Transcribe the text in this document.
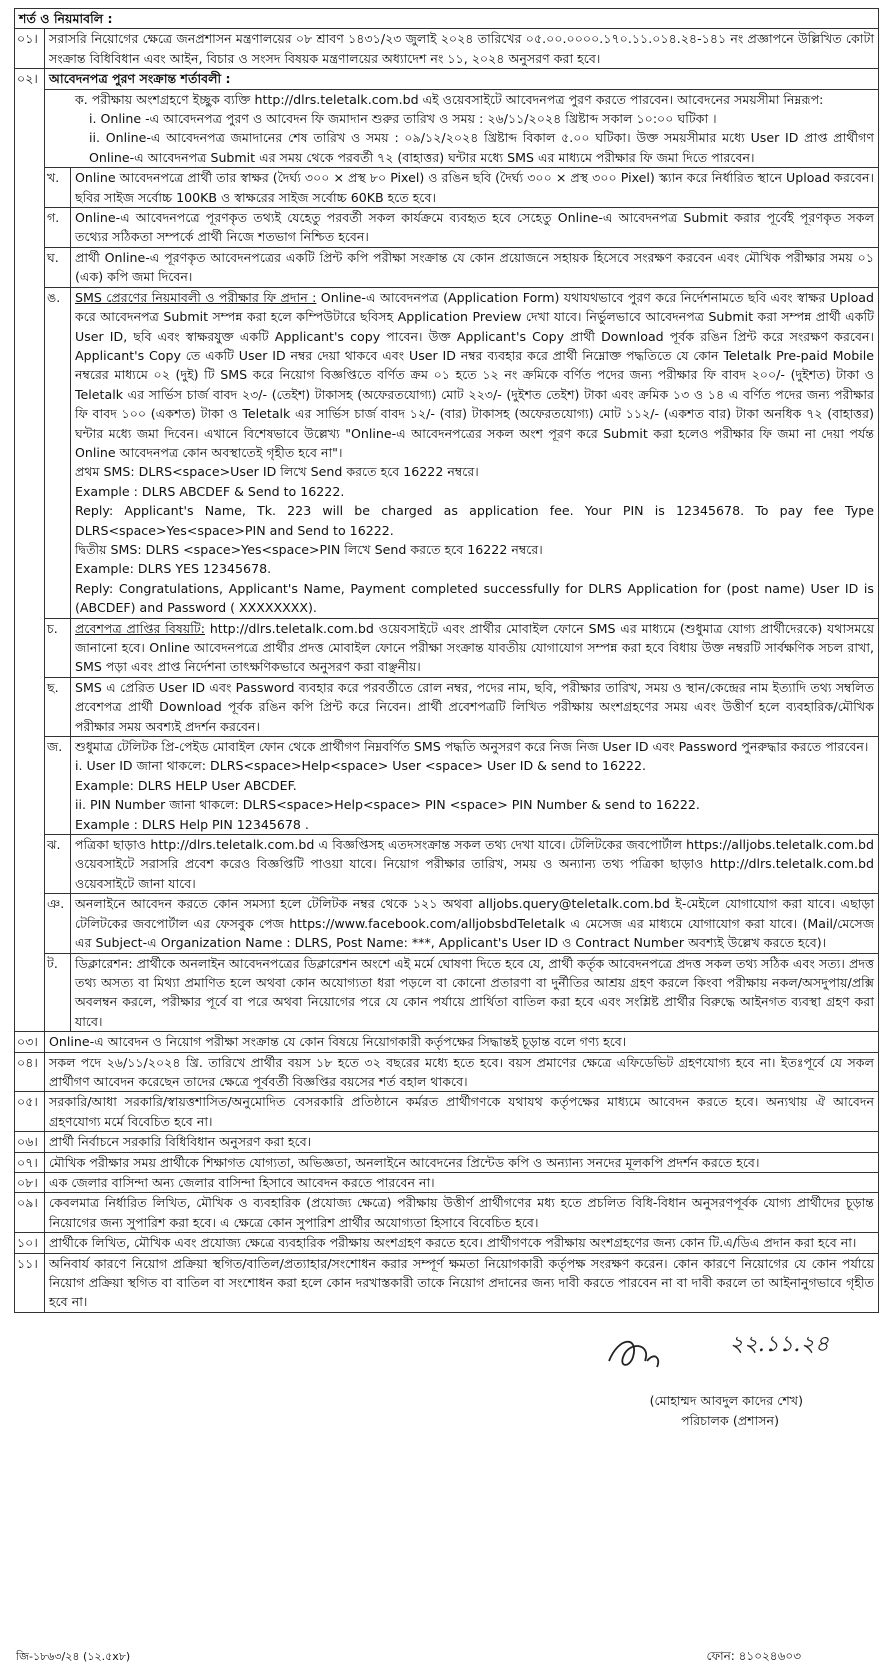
শর্ত ও নিয়মাবলি :
০১। সরাসরি নিয়োগের ক্ষেত্রে জনপ্রশাসন মন্ত্রণালয়ের ০৮ শ্রাবণ ১৪৩১/২৩ জুলাই ২০২৪ তারিখের ০৫.০০.০০০০.১৭০.১১.০১৪.২৪-১৪১ নং প্রজ্ঞাপনে উল্লিখিত কোটা সংক্রান্ত বিধিবিধান এবং আইন, বিচার ও সংসদ বিষয়ক মন্ত্রণালয়ের অধ্যাদেশ নং ১১, ২০২৪ অনুসরণ করা হবে।
০২। আবেদনপত্র পুরণ সংক্রান্ত শর্তাবলী :

ক. পরীক্ষায় অংশগ্রহণে ইচ্ছুক ব্যক্তি http://dlrs.teletalk.com.bd এই ওয়েবসাইটে আবেদনপত্র পুরণ করতে পারবেন। আবেদনের সময়সীমা নিম্নরূপ:

i. Online -এ আবেদনপত্র পুরণ ও আবেদন ফি জমাদান শুরুর তারিখ ও সময় : ২৬/১১/২০২৪ খ্রিষ্টাব্দ সকাল ১০:০০ ঘটিকা ।

ii. Online-এ আবেদনপত্র জমাদানের শেষ তারিখ ও সময় : ০৯/১২/২০২৪ খ্রিষ্টাব্দ বিকাল ৫.০০ ঘটিকা। উক্ত সময়সীমার মধ্যে User ID প্রাপ্ত প্রার্থীগণ Online-এ আবেদনপত্র Submit এর সময় থেকে পরবর্তী ৭২ (বাহাত্তর) ঘন্টার মধ্যে SMS এর মাধ্যমে পরীক্ষার ফি জমা দিতে পারবেন।

খ.	Online আবেদনপত্রে প্রার্থী তার স্বাক্ষর (দৈর্ঘ্য ৩০০ × প্রস্থ ৮০ Pixel) ও রঙিন ছবি (দৈর্ঘ্য ৩০০ × প্রস্থ ৩০০ Pixel) স্ক্যান করে নির্ধারিত স্থানে Upload করবেন। ছবির সাইজ সর্বোচ্চ 100KB ও স্বাক্ষরের সাইজ সর্বোচ্চ 60KB হতে হবে।
গ.	Online-এ আবেদনপত্রে পূরণকৃত তথ্যই যেহেতু পরবর্তী সকল কার্যক্রমে ব্যবহৃত হবে সেহেতু Online-এ আবেদনপত্র Submit করার পূর্বেই পূরণকৃত সকল তথ্যের সঠিকতা সম্পর্কে প্রার্থী নিজে শতভাগ নিশ্চিত হবেন।
ঘ.	প্রার্থী Online-এ পূরণকৃত আবেদনপত্রের একটি প্রিন্ট কপি পরীক্ষা সংক্রান্ত যে কোন প্রয়োজনে সহায়ক হিসেবে সংরক্ষণ করবেন এবং মৌখিক পরীক্ষার সময় ০১ (এক) কপি জমা দিবেন।
ঙ.	SMS প্রেরণের নিয়মাবলী ও পরীক্ষার ফি প্রদান : Online-এ আবেদনপত্র (Application Form) যথাযথভাবে পুরণ করে নির্দেশনামতে ছবি এবং স্বাক্ষর Upload করে আবেদনপত্র Submit সম্পন্ন করা হলে কম্পিউটারে ছবিসহ Application Preview দেখা যাবে। নির্ভুলভাবে আবেদনপত্র Submit করা সম্পন্ন প্রার্থী একটি User ID, ছবি এবং স্বাক্ষরযুক্ত একটি Applicant's copy পাবেন। উক্ত Applicant's Copy প্রার্থী Download পূর্বক রঙিন প্রিন্ট করে সংরক্ষণ করবেন। Applicant's Copy তে একটি User ID নম্বর দেয়া থাকবে এবং User ID নম্বর ব্যবহার করে প্রার্থী নিম্নোক্ত পদ্ধতিতে যে কোন Teletalk Pre-paid Mobile নম্বরের মাধ্যমে ০২ (দুই) টি SMS করে নিয়োগ বিজ্ঞপ্তিতে বর্ণিত ক্রম ০১ হতে ১২ নং ক্রমিকে বর্ণিত পদের জন্য পরীক্ষার ফি বাবদ ২০০/- (দুইশত) টাকা ও Teletalk এর সার্ভিস চার্জ বাবদ ২৩/- (তেইশ) টাকাসহ (অফেরতযোগ্য) মোট ২২৩/- (দুইশত তেইশ) টাকা এবং ক্রমিক ১৩ ও ১৪ এ বর্ণিত পদের জন্য পরীক্ষার ফি বাবদ ১০০ (একশত) টাকা ও Teletalk এর সার্ভিস চার্জ বাবদ ১২/- (বার) টাকাসহ (অফেরতযোগ্য) মোট ১১২/- (একশত বার) টাকা অনধিক ৭২ (বাহাত্তর) ঘন্টার মধ্যে জমা দিবেন। এখানে বিশেষভাবে উল্লেখ্য "Online-এ আবেদনপত্রের সকল অংশ পূরণ করে Submit করা হলেও পরীক্ষার ফি জমা না দেয়া পর্যন্ত Online আবেদনপত্র কোন অবস্থাতেই গৃহীত হবে না"।

প্রথম SMS: DLRS<space>User ID লিখে Send করতে হবে 16222 নম্বরে।

Example : DLRS ABCDEF & Send to 16222.

Reply: Applicant's Name, Tk. 223 will be charged as application fee. Your PIN is 12345678. To pay fee Type DLRS<space>Yes<space>PIN and Send to 16222.

দ্বিতীয় SMS: DLRS <space>Yes<space>PIN লিখে Send করতে হবে 16222 নম্বরে।

Example: DLRS YES 12345678.

Reply: Congratulations, Applicant's Name, Payment completed successfully for DLRS Application for (post name) User ID is (ABCDEF) and Password ( XXXXXXXX).

চ.	প্রবেশপত্র প্রাপ্তির বিষয়টি: http://dlrs.teletalk.com.bd ওয়েবসাইটে এবং প্রার্থীর মোবাইল ফোনে SMS এর মাধ্যমে (শুধুমাত্র যোগ্য প্রার্থীদেরকে) যথাসময়ে জানানো হবে। Online আবেদনপত্রে প্রার্থীর প্রদত্ত মোবাইল ফোনে পরীক্ষা সংক্রান্ত যাবতীয় যোগাযোগ সম্পন্ন করা হবে বিধায় উক্ত নম্বরটি সার্বক্ষণিক সচল রাখা, SMS পড়া এবং প্রাপ্ত নির্দেশনা তাৎক্ষণিকভাবে অনুসরণ করা বাঞ্ছনীয়।
ছ.	SMS এ প্রেরিত User ID এবং Password ব্যবহার করে পরবর্তীতে রোল নম্বর, পদের নাম, ছবি, পরীক্ষার তারিখ, সময় ও স্থান/কেন্দ্রের নাম ইত্যাদি তথ্য সম্বলিত প্রবেশপত্র প্রার্থী Download পূর্বক রঙিন কপি প্রিন্ট করে নিবেন। প্রার্থী প্রবেশপত্রটি লিখিত পরীক্ষায় অংশগ্রহণের সময় এবং উত্তীর্ণ হলে ব্যবহারিক/মৌখিক পরীক্ষার সময় অবশ্যই প্রদর্শন করবেন।
জ.	শুধুমাত্র টেলিটক প্রি-পেইড মোবাইল ফোন থেকে প্রার্থীগণ নিম্নবর্ণিত SMS পদ্ধতি অনুসরণ করে নিজ নিজ User ID এবং Password পুনরুদ্ধার করতে পারবেন।

i. User ID জানা থাকলে: DLRS<space>Help<space> User <space> User ID & send to 16222.

Example: DLRS HELP User ABCDEF.

ii. PIN Number জানা থাকলে: DLRS<space>Help<space> PIN <space> PIN Number & send to 16222.

Example : DLRS Help PIN 12345678 .

ঝ.	পত্রিকা ছাড়াও http://dlrs.teletalk.com.bd এ বিজ্ঞপ্তিসহ এতদসংক্রান্ত সকল তথ্য দেখা যাবে। টেলিটকের জবপোর্টাল https://alljobs.teletalk.com.bd ওয়েবসাইটে সরাসরি প্রবেশ করেও বিজ্ঞপ্তিটি পাওয়া যাবে। নিয়োগ পরীক্ষার তারিখ, সময় ও অন্যান্য তথ্য পত্রিকা ছাড়াও http://dlrs.teletalk.com.bd ওয়েবসাইটে জানা যাবে।
ঞ. অনলাইনে আবেদন করতে কোন সমস্যা হলে টেলিটক নম্বর থেকে ১২১ অথবা alljobs.query@teletalk.com.bd ই-মেইলে যোগাযোগ করা যাবে। এছাড়া টেলিটকের জবপোর্টাল এর ফেসবুক পেজ https://www.facebook.com/alljobsbdTeletalk এ মেসেজ এর মাধ্যমে যোগাযোগ করা যাবে। (Mail/মেসেজ এর Subject-এ Organization Name : DLRS, Post Name: ***, Applicant's User ID ও Contract Number অবশ্যই উল্লেখ করতে হবে)।
ট.	ডিক্লারেশন: প্রার্থীকে অনলাইন আবেদনপত্রের ডিক্লারেশন অংশে এই মর্মে ঘোষণা দিতে হবে যে, প্রার্থী কর্তৃক আবেদনপত্রে প্রদত্ত সকল তথ্য সঠিক এবং সত্য। প্রদত্ত তথ্য অসত্য বা মিথ্যা প্রমাণিত হলে অথবা কোন অযোগ্যতা ধরা পড়লে বা কোনো প্রতারণা বা দুর্নীতির আশ্রয় গ্রহণ করলে কিংবা পরীক্ষায় নকল/অসদুপায়/প্রক্সি অবলম্বন করলে, পরীক্ষার পূর্বে বা পরে অথবা নিয়োগের পরে যে কোন পর্যায়ে প্রার্থিতা বাতিল করা হবে এবং সংশ্লিষ্ট প্রার্থীর বিরুদ্ধে আইনগত ব্যবস্থা গ্রহণ করা যাবে।
০৩। Online-এ আবেদন ও নিয়োগ পরীক্ষা সংক্রান্ত যে কোন বিষয়ে নিয়োগকারী কর্তৃপক্ষের সিদ্ধান্তই চূড়ান্ত বলে গণ্য হবে।
০৪। সকল পদে ২৬/১১/২০২৪ খ্রি. তারিখে প্রার্থীর বয়স ১৮ হতে ৩২ বছরের মধ্যে হতে হবে। বয়স প্রমাণের ক্ষেত্রে এফিডেভিট গ্রহণযোগ্য হবে না। ইতঃপূর্বে যে সকল প্রার্থীগণ আবেদন করেছেন তাদের ক্ষেত্রে পূর্ববর্তী বিজ্ঞপ্তির বয়সের শর্ত বহাল থাকবে।
০৫। সরকারি/আধা সরকারি/স্বায়ত্তশাসিত/অনুমোদিত বেসরকারি প্রতিষ্ঠানে কর্মরত প্রার্থীগণকে যথাযথ কর্তৃপক্ষের মাধ্যমে আবেদন করতে হবে। অন্যথায় ঐ আবেদন গ্রহণযোগ্য মর্মে বিবেচিত হবে না।
০৬। প্রার্থী নির্বাচনে সরকারি বিধিবিধান অনুসরণ করা হবে।
০৭। মৌখিক পরীক্ষার সময় প্রার্থীকে শিক্ষাগত যোগ্যতা, অভিজ্ঞতা, অনলাইনে আবেদনের প্রিন্টেড কপি ও অন্যান্য সনদের মূলকপি প্রদর্শন করতে হবে।
০৮। এক জেলার বাসিন্দা অন্য জেলার বাসিন্দা হিসাবে আবেদন করতে পারবেন না।
০৯। কেবলমাত্র নির্ধারিত লিখিত, মৌখিক ও ব্যবহারিক (প্রযোজ্য ক্ষেত্রে) পরীক্ষায় উত্তীর্ণ প্রার্থীগণের মধ্য হতে প্রচলিত বিধি-বিধান অনুসরণপূর্বক যোগ্য প্রার্থীদের চূড়ান্ত নিয়োগের জন্য সুপারিশ করা হবে। এ ক্ষেত্রে কোন সুপারিশ প্রার্থীর অযোগ্যতা হিসাবে বিবেচিত হবে।
১০। প্রার্থীকে লিখিত, মৌখিক এবং প্রযোজ্য ক্ষেত্রে ব্যবহারিক পরীক্ষায় অংশগ্রহণ করতে হবে। প্রার্থীগণকে পরীক্ষায় অংশগ্রহণের জন্য কোন টি.এ/ডিএ প্রদান করা হবে না।
১১। অনিবার্য কারণে নিয়োগ প্রক্রিয়া স্থগিত/বাতিল/প্রত্যাহার/সংশোধন করার সম্পূর্ণ ক্ষমতা নিয়োগকারী কর্তৃপক্ষ সংরক্ষণ করেন। কোন কারণে নিয়োগের যে কোন পর্যায়ে নিয়োগ প্রক্রিয়া স্থগিত বা বাতিল বা সংশোধন করা হলে কোন দরখাস্তকারী তাকে নিয়োগ প্রদানের জন্য দাবী করতে পারবেন না বা দাবী করলে তা আইনানুগভাবে গৃহীত হবে না।
২২.১১.২৪
(মোহাম্মদ আবদুল কাদের শেখ)
পরিচালক (প্রশাসন)
জি-১৮৬৩/২৪ (১২.৫x৮)	ফোন: ৪১০২৪৬০৩
